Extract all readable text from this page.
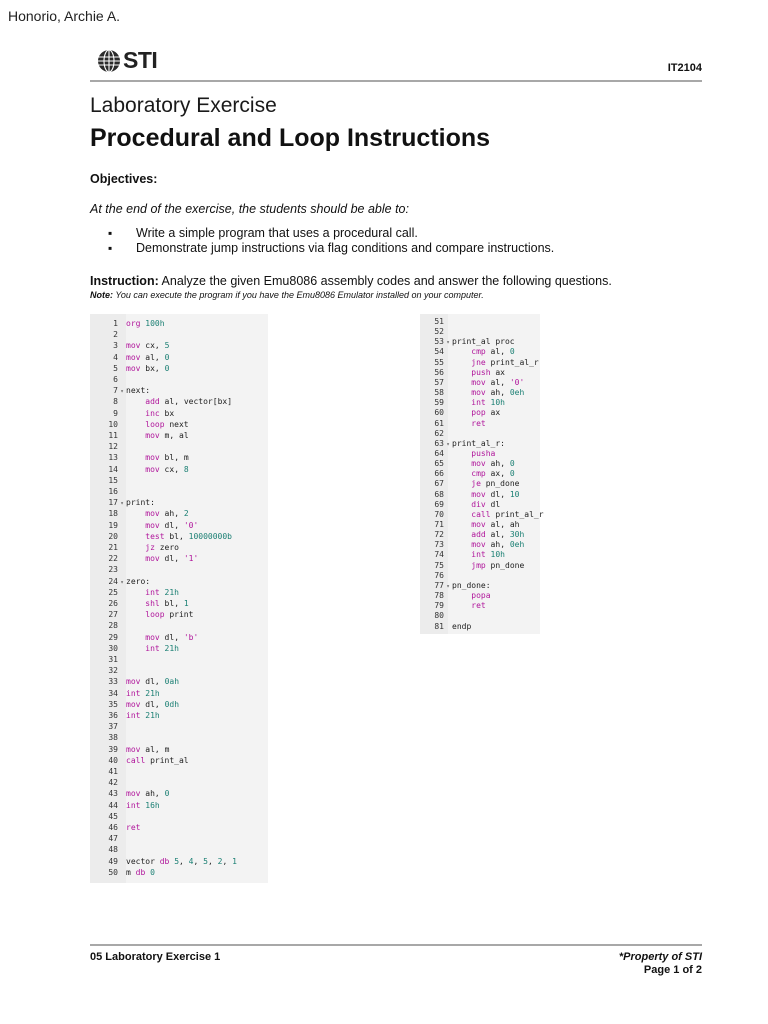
Honorio, Archie A.
STI	IT2104
Laboratory Exercise
Procedural and Loop Instructions
Objectives:
At the end of the exercise, the students should be able to:
▪ Write a simple program that uses a procedural call.
▪ Demonstrate jump instructions via flag conditions and compare instructions.
Instruction: Analyze the given Emu8086 assembly codes and answer the following questions.
Note: You can execute the program if you have the Emu8086 Emulator installed on your computer.
1 org 100h
2
3 mov cx, 5
4 mov al, 0
5 mov bx, 0
6
7 ▾ next:
8	add al, vector[bx]
9	inc bx
10	loop next
11	mov m, al
12
13	mov bl, m
14	mov cx, 8
15
16
17 ▾ print:
18	mov ah, 2
19	mov dl, '0'
20	test bl, 10000000b
21	jz zero
22	mov dl, '1'
23
24 ▾ zero:
25	int 21h
26	shl bl, 1
27	loop print
28
29	mov dl, 'b'
30	int 21h
31
32
33 mov dl, 0ah
34 int 21h
35 mov dl, 0dh
36 int 21h
37
38
39 mov al, m
40 call print_al
41
42
43 mov ah, 0
44 int 16h
45
46 ret
47
48
49 vector db 5, 4, 5, 2, 1
50 m db 0
51
52
53 ▾ print_al proc
54	cmp al, 0
55	jne print_al_r
56	push ax
57	mov al, '0'
58	mov ah, 0eh
59	int 10h
60	pop ax
61	ret
62
63 ▾ print_al_r:
64	pusha
65	mov ah, 0
66	cmp ax, 0
67	je pn_done
68	mov dl, 10
69	div dl
70	call print_al_r
71	mov al, ah
72	add al, 30h
73	mov ah, 0eh
74	int 10h
75	jmp pn_done
76
77 ▾ pn_done:
78	popa
79	ret
80
81 endp
05 Laboratory Exercise 1	*Property of STI
Page 1 of 2
